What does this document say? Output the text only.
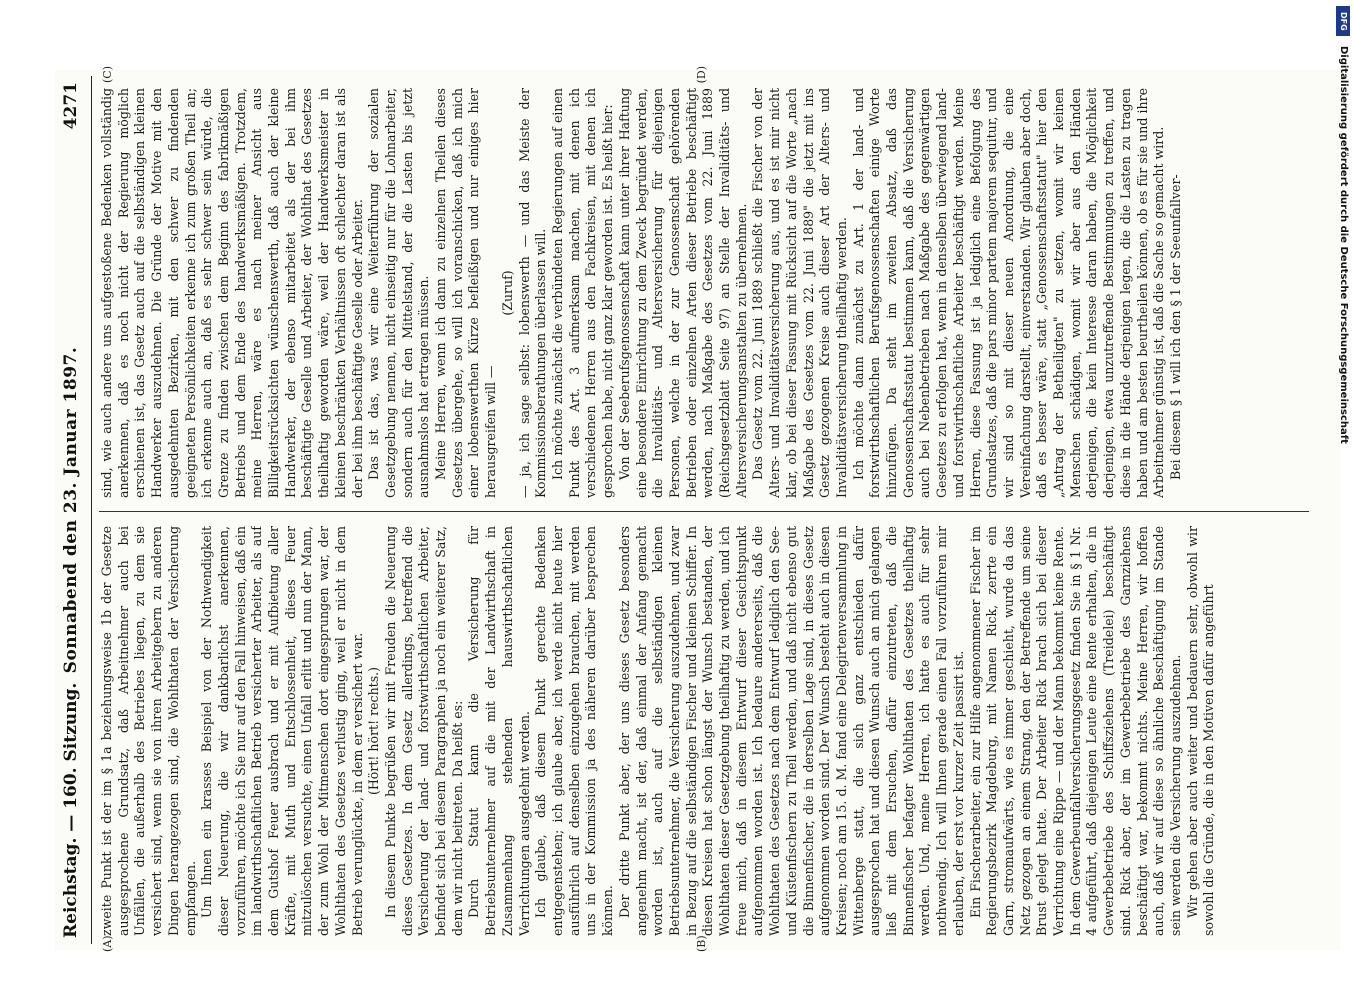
Reichstag. — 160. Sitzung.
Sonnabend den 23. Januar 1897.
4271
(A)	(B)
(C)	(D)

zweite Punkt ist der im § 1a beziehungsweise 1b der Gesetze ausgesprochene Grundsatz, daß Arbeitnehmer auch bei Unfällen, die außerhalb des Betriebes liegen, zu dem sie versichert sind, wenn sie von ihren Arbeitgebern zu anderen Dingen herangezogen sind, die Wohlthaten der Versicherung empfangen. Um Ihnen ein krasses Beispiel von der Nothwendigkeit dieser Neuerung, die wir dankbarlichst anerkennen, vorzuführen, möchte ich Sie nur auf den Fall hinweisen, daß ein im landwirthschaftlichen Betrieb versicherter Arbeiter, als auf dem Gutshof Feuer ausbrach und er mit Aufbietung aller Kräfte, mit Muth und Entschlossenheit, dieses Feuer mitzulöschen versuchte, einen Unfall erlitt und nun der Mann, der zum Wohl der Mitmenschen dort eingesprungen war, der Wohlthaten des Gesetzes verlustig ging, weil er nicht in dem Betrieb verunglückte, in dem er versichert war. (Hört! hört! rechts.) In diesem Punkte begrüßen wir mit Freuden die Neuerung dieses Gesetzes. In dem Gesetz allerdings, betreffend die Versicherung der land- und forstwirthschaftlichen Arbeiter, befindet sich bei diesem Paragraphen ja noch ein weiterer Satz, dem wir nicht beitreten. Da heißt es: Durch Statut kann die Versicherung für Betriebsunternehmer auf die mit der Landwirthschaft in Zusammenhang stehenden hauswirthschaftlichen Verrichtungen ausgedehnt werden. Ich glaube, daß diesem Punkt gerechte Bedenken entgegenstehen; ich glaube aber, ich werde nicht heute hier ausführlich auf denselben einzugehen brauchen, mit werden uns in der Kommission ja des näheren darüber besprechen können. Der dritte Punkt aber, der uns dieses Gesetz besonders angenehm macht, ist der, daß einmal der Anfang gemacht worden ist, auch auf die selbständigen kleinen Betriebsunternehmer, die Versicherung auszudehnen, und zwar in Bezug auf die selbständigen Fischer und kleinen Schiffer. In diesen Kreisen hat schon längst der Wunsch bestanden, der Wohlthaten dieser Gesetzgebung theilhaftig zu werden, und ich freue mich, daß in diesem Entwurf dieser Gesichtspunkt aufgenommen worden ist. Ich bedaure andererseits, daß die Wohlthaten des Gesetzes nach dem Entwurf lediglich den See- und Küstenfischern zu Theil werden, und daß nicht ebenso gut die Binnenfischer, die in derselben Lage sind, in dieses Gesetz aufgenommen worden sind. Der Wunsch besteht auch in diesen Kreisen; noch am 15. d. M. fand eine Delegirtenversammlung in Wittenberge statt, die sich ganz entschieden dafür ausgesprochen hat und diesen Wunsch auch an mich gelangen ließ mit dem Ersuchen, dafür einzutreten, daß die Binnenfischer befagter Wohlthaten des Gesetzes theilhaftig werden. Und, meine Herren, ich hatte es auch für sehr nothwendig. Ich will Ihnen gerade einen Fall vorzuführen mir erlauben, der erst vor kurzer Zeit passirt ist. Ein Fischerarbeiter, ein zur Hilfe angenommener Fischer im Regierungsbezirk Magdeburg, mit Namen Rick, zerrte ein Garn, stromaufwärts, wie es immer geschieht, wurde da das Netz gezogen an einem Strang, den der Betreffende um seine Brust gelegt hatte. Der Arbeiter Rick brach sich bei dieser Verrichtung eine Rippe — und der Mann bekommt keine Rente. In dem Gewerbeunfallversicherungsgesetz finden Sie in § 1 Nr. 4 aufgeführt, daß diejenigen Leute eine Rente erhalten, die in Gewerbebetriebe des Schiffsziehens (Treidelei) beschäftigt sind. Rick aber, der im Gewerbebetriebe des Garnziehens beschäftigt war, bekommt nichts. Meine Herren, wir hoffen auch, daß wir auf diese so ähnliche Beschäftigung im Stande sein werden die Versicherung auszudehnen. Wir gehen aber auch weiter und bedauern sehr, obwohl wir sowohl die Gründe, die in den Motiven dafür angeführt

sind, wie auch andere uns aufgestoßene Bedenken vollständig anerkennen, daß es noch nicht der Regierung möglich erschienen ist, das Gesetz auch auf die selbständigen kleinen Handwerker auszudehnen. Die Gründe der Motive mit den ausgedehnten Bezirken, mit den schwer zu findenden geeigneten Persönlichkeiten erkenne ich zum großen Theil an; ich erkenne auch an, daß es sehr schwer sein würde, die Grenze zu finden zwischen dem Beginn des fabrikmäßigen Betriebs und dem Ende des handwerksmäßigen. Trotzdem, meine Herren, wäre es nach meiner Ansicht aus Billigkeitsrücksichten wünschenswerth, daß auch der kleine Handwerker, der ebenso mitarbeitet als der bei ihm beschäftigte Geselle und Arbeiter, der Wohlthat des Gesetzes theilhaftig geworden wäre, weil der Handwerksmeister in kleinen beschränkten Verhältnissen oft schlechter daran ist als der bei ihm beschäftigte Geselle oder Arbeiter. Das ist das, was wir eine Weiterführung der sozialen Gesetzgebung nennen, nicht einseitig nur für die Lohnarbeiter, sondern auch für den Mittelstand, der die Lasten bis jetzt ausnahmslos hat ertragen müssen. Meine Herren, wenn ich dann zu einzelnen Theilen dieses Gesetzes übergehe, so will ich voranschicken, daß ich mich einer lobenswerthen Kürze befleißigen und nur einiges hier herausgreifen will —

(Zuruf) — ja, ich sage selbst: lobenswerth — und das Meiste der Kommissionsberathungen überlassen will. Ich möchte zunächst die verbündeten Regierungen auf einen Punkt des Art. 3 aufmerksam machen, mit denen ich verschiedenen Herren aus den Fachkreisen, mit denen ich gesprochen habe, nicht ganz klar geworden ist. Es heißt hier: Von der Seeberufsgenossenschaft kann unter ihrer Haftung eine besondere Einrichtung zu dem Zweck begründet werden, die Invaliditäts- und Altersversicherung für diejenigen Personen, welche in der zur Genossenschaft gehörenden Betrieben oder einzelnen Arten dieser Betriebe beschäftigt werden, nach Maßgabe des Gesetzes vom 22. Juni 1889 (Reichsgesetzblatt Seite 97) an Stelle der Invaliditäts- und Altersversicherungsanstalten zu übernehmen. Das Gesetz vom 22. Juni 1889 schließt die Fischer von der Alters- und Invaliditätsversicherung aus, und es ist mir nicht klar, ob bei dieser Fassung mit Rücksicht auf die Worte „nach Maßgabe des Gesetzes vom 22. Juni 1889" die jetzt mit ins Gesetz gezogenen Kreise auch dieser Art der Alters- und Invaliditätsversicherung theilhaftig werden. Ich möchte dann zunächst zu Art. 1 der land- und forstwirthschaftlichen Berufsgenossenschaften einige Worte hinzufügen. Da steht im zweiten Absatz, daß das Genossenschaftsstatut bestimmen kann, daß die Versicherung auch bei Nebenbetrieben nach Maßgabe des gegenwärtigen Gesetzes zu erfolgen hat, wenn in denselben überwiegend land- und forstwirthschaftliche Arbeiter beschäftigt werden. Meine Herren, diese Fassung ist ja lediglich eine Befolgung des Grundsatzes, daß die pars minor partem majorem sequitur, und wir sind so mit dieser neuen Anordnung, die eine Vereinfachung darstellt, einverstanden. Wir glauben aber doch, daß es besser wäre, statt „Genossenschaftsstatut" hier den „Antrag der Betheiligten" zu setzen, womit wir keinen Menschen schädigen, womit wir aber aus den Händen derjenigen, die kein Interesse daran haben, die Möglichkeit derjenigen, etwa unzutreffende Bestimmungen zu treffen, und diese in die Hände derjenigen legen, die die Lasten zu tragen haben und am besten beurtheilen können, ob es für sie und ihre Arbeitnehmer günstig ist, daß die Sache so gemacht wird. Bei diesem § 1 will ich den § 1 der Seeunfallver-

DFG
Digitalisierung gefördert durch die Deutsche Forschungsgemeinschaft
